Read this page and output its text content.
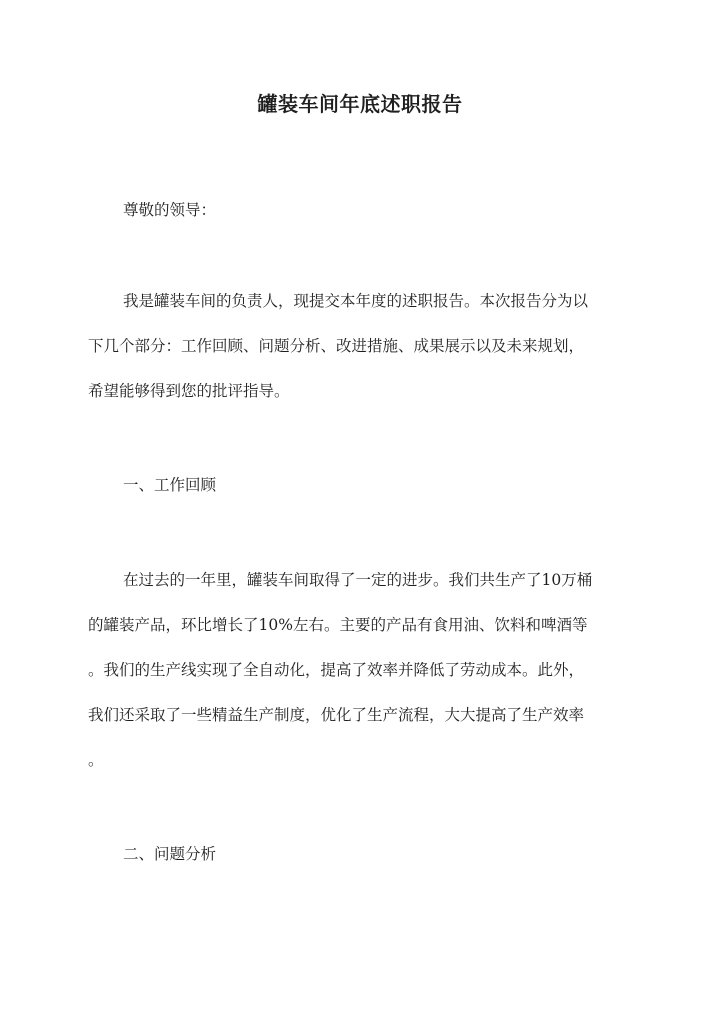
罐装车间年底述职报告

尊敬的领导：

我是罐装车间的负责人，现提交本年度的述职报告。本次报告分为以

下几个部分：工作回顾、问题分析、改进措施、成果展示以及未来规划，

希望能够得到您的批评指导。

一、工作回顾

在过去的一年里，罐装车间取得了一定的进步。我们共生产了10万桶

的罐装产品，环比增长了10%左右。主要的产品有食用油、饮料和啤酒等

。我们的生产线实现了全自动化，提高了效率并降低了劳动成本。此外，

我们还采取了一些精益生产制度，优化了生产流程，大大提高了生产效率

。

二、问题分析
